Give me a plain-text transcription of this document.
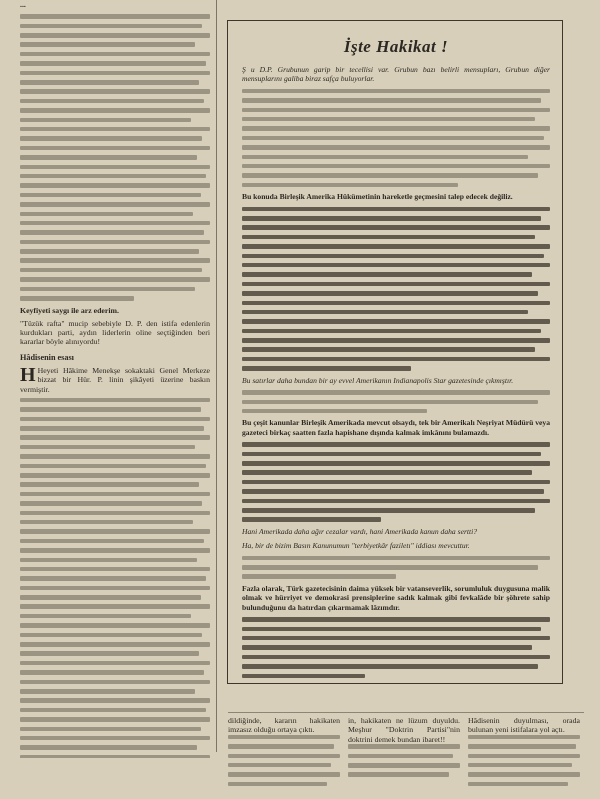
...

Keyfiyeti saygı ile arz ederim.

"Tüzük rafta" mucip sebebiyle D. P. den istifa edenlerin kurdukları parti, aydın liderlerin oline seçtiğinden beri kararlar böyle alınıyordu!

Hâdisenin esası

H Heyeti Hâkime Menekşe sokaktaki Genel Merkeze bizzat bir Hür. P. linin şikâyeti üzerine baskın vermiştir.

İşte Hakikat !

Ş u D.P. Grubunun garip bir tecellisi var. Grubun bazı belirli mensupları, Grubun diğer mensuplarını galiba biraz safça buluyorlar.

Bu konuda Birleşik Amerika Hükümetinin hareketle geçmesini talep edecek değiliz.

Bu satırlar daha bundan bir ay evvel Amerikanın Indianapolis Star gazetesinde çıkmıştır.

Bu çeşit kanunlar Birleşik Amerikada mevcut olsaydı, tek bir Amerikalı Neşriyat Müdürü veya gazeteci birkaç saatten fazla hapishane dışında kalmak imkânını bulamazdı.

Hani Amerikada daha ağır cezalar vardı, hani Amerikada kanun daha sertti?

Ha, bir de bizim Basın Kanunumun "terbiyetkâr faziletı" iddiası mevcuttur.

Fazla olarak, Türk gazetecisinin daima yüksek bir vatanseverlik, sorumluluk duygusuna malik olmak ve hürriyet ve demokrasi prensiplerine sadık kalmak gibi fevkalâde bir şöhrete sahip bulunduğunu da hatırdan çıkarmamak lâzımdır.

dildiğinde, kararın hakikaten imzasız olduğu ortaya çıktı.

in, hakikaten ne lüzum duyuldu. Meşhur "Doktrin Partisi"nin doktrini demek bundan ibaret!!

Hâdisenin duyulması, orada bulunan yeni istifalara yol açtı.
